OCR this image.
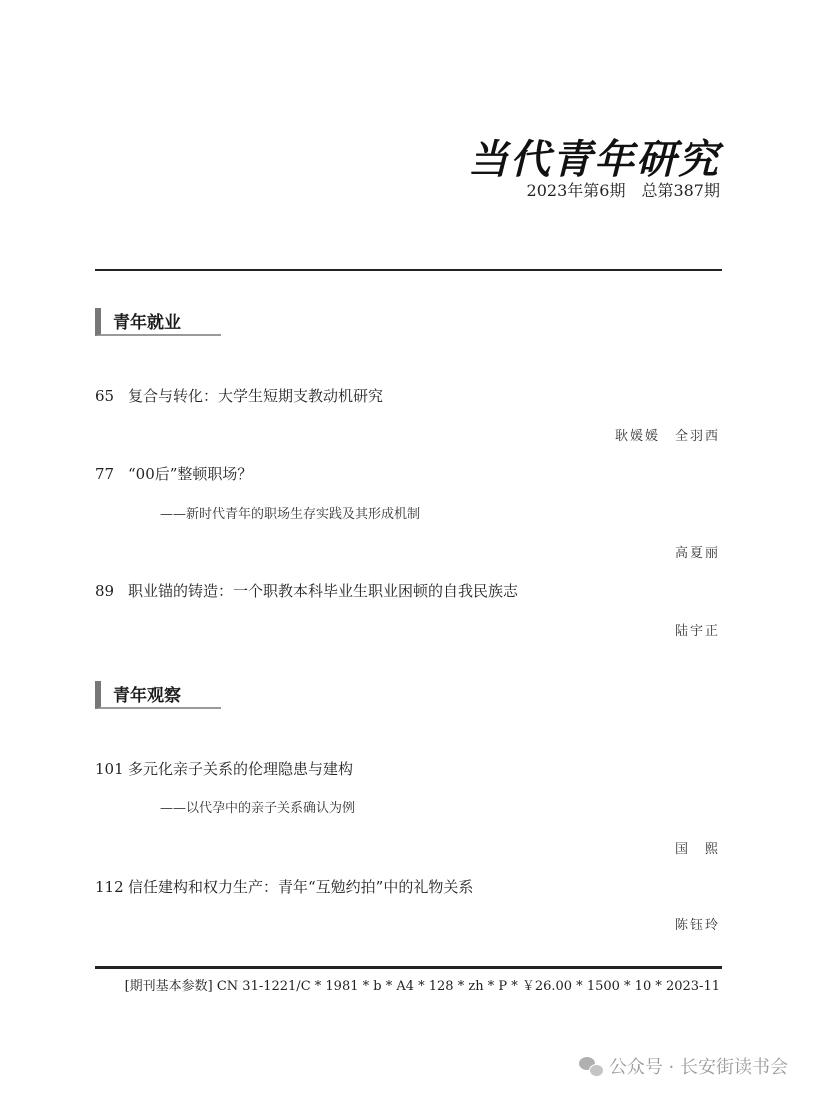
当代青年研究
2023年第6期　总第387期
青年就业
65 复合与转化：大学生短期支教动机研究
耿媛媛　全羽西
77 “00后”整顿职场？
——新时代青年的职场生存实践及其形成机制
高夏丽
89 职业锚的铸造：一个职教本科毕业生职业困顿的自我民族志
陆宇正
青年观察
101 多元化亲子关系的伦理隐患与建构
——以代孕中的亲子关系确认为例
国　熙
112 信任建构和权力生产：青年“互勉约拍”中的礼物关系
陈钰玲
[期刊基本参数] CN 31-1221/C * 1981 * b * A4 * 128 * zh * P * ￥26.00 * 1500 * 10 * 2023-11
公众号 · 长安街读书会
